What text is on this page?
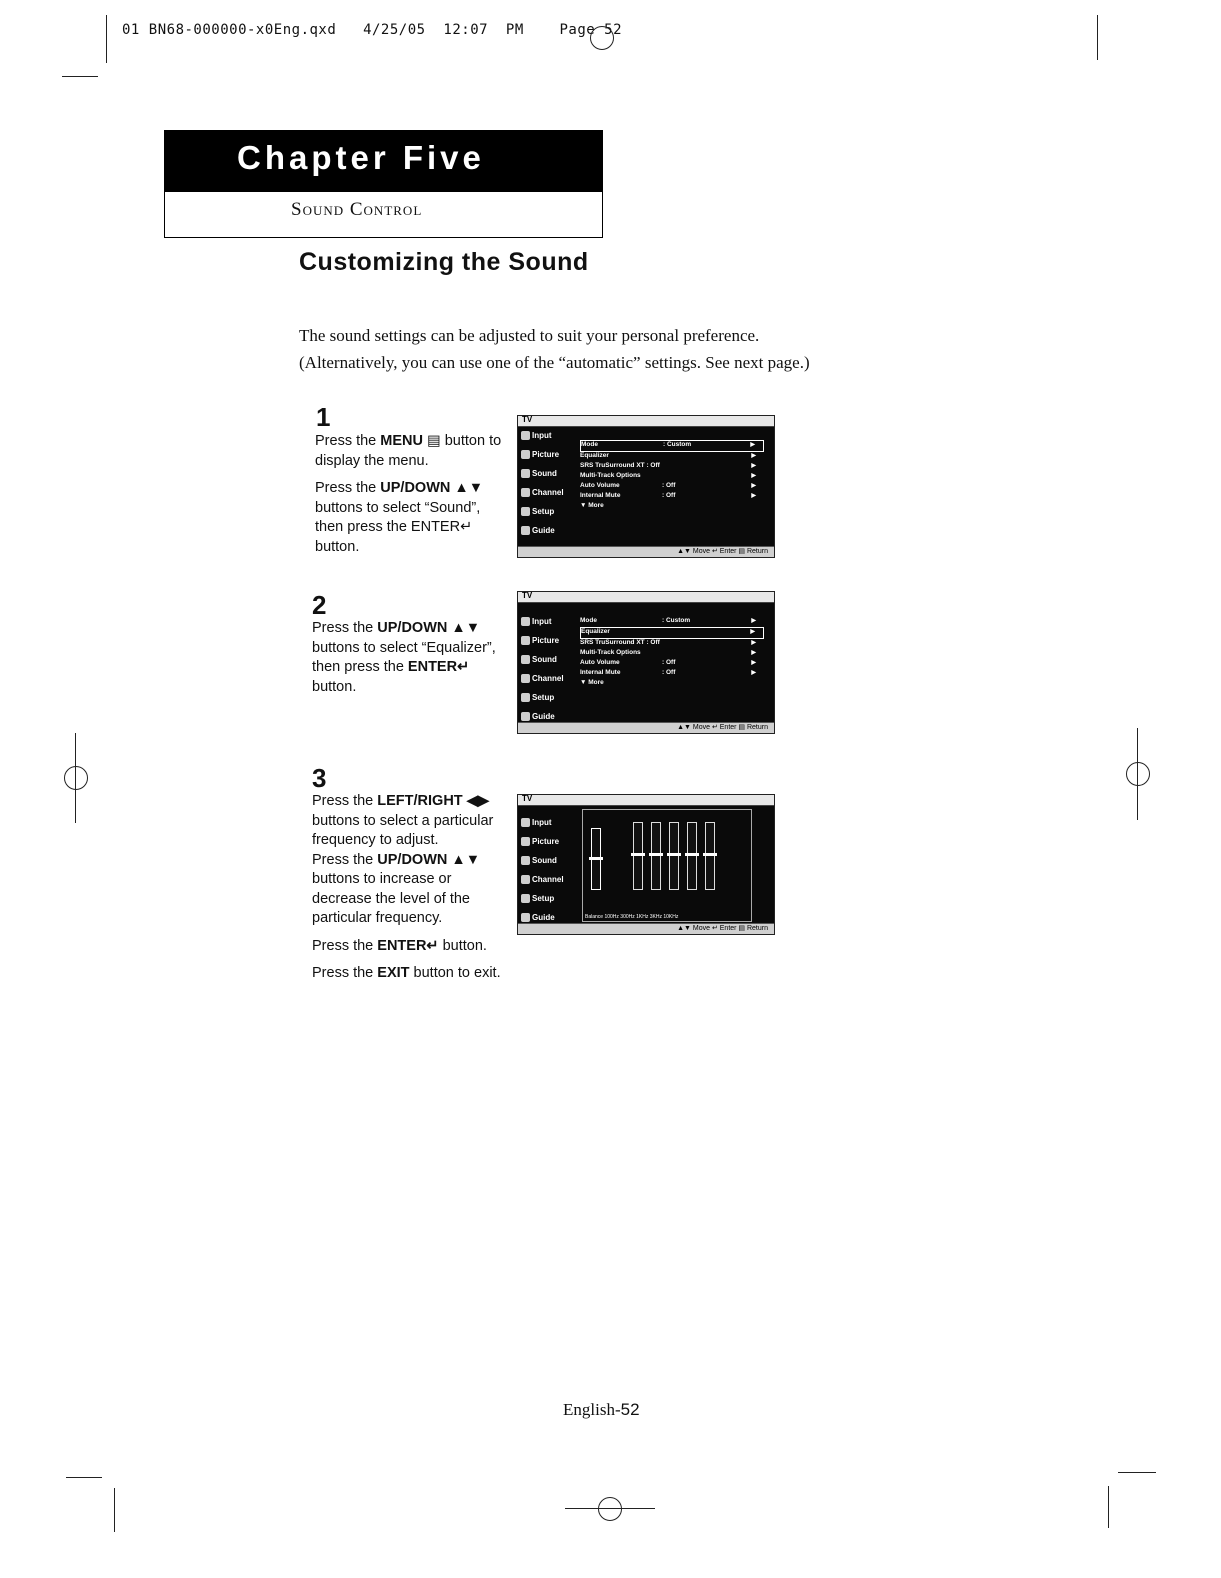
01 BN68-000000-x0Eng.qxd   4/25/05  12:07  PM    Page 52
Chapter Five
Sound Control
Customizing the Sound
The sound settings can be adjusted to suit your personal preference.
(Alternatively, you can use one of the “automatic” settings. See next page.)
1

Press the MENU ▤ button to display the menu.

Press the UP/DOWN ▲▼ buttons to select “Sound”, then press the ENTER↵ button.

TV
Input
Picture
Sound
Channel
Setup
Guide
Mode	: Custom	▶
Equalizer	▶
SRS TruSurround XT : Off	▶
Multi-Track Options	▶
Auto Volume	: Off	▶
Internal Mute	: Off	▶
▼ More
▲▼ Move ↵ Enter ▤ Return
2

Press the UP/DOWN ▲▼ buttons to select “Equalizer”, then press the ENTER↵ button.

TV
Input
Picture
Sound
Channel
Setup
Guide
Mode	: Custom	▶
Equalizer	▶
SRS TruSurround XT : Off	▶
Multi-Track Options	▶
Auto Volume	: Off	▶
Internal Mute	: Off	▶
▼ More
▲▼ Move ↵ Enter ▤ Return
3

Press the LEFT/RIGHT ◀▶ buttons to select a particular frequency to adjust.

Press the UP/DOWN ▲▼ buttons to increase or decrease the level of the particular frequency.

Press the ENTER↵ button.

Press the EXIT button to exit.

TV
Input
Picture
Sound
Channel
Setup
Guide	Balance 100Hz 300Hz 1KHz 3KHz 10KHz
▲▼ Move ↵ Enter ▤ Return
English-52
